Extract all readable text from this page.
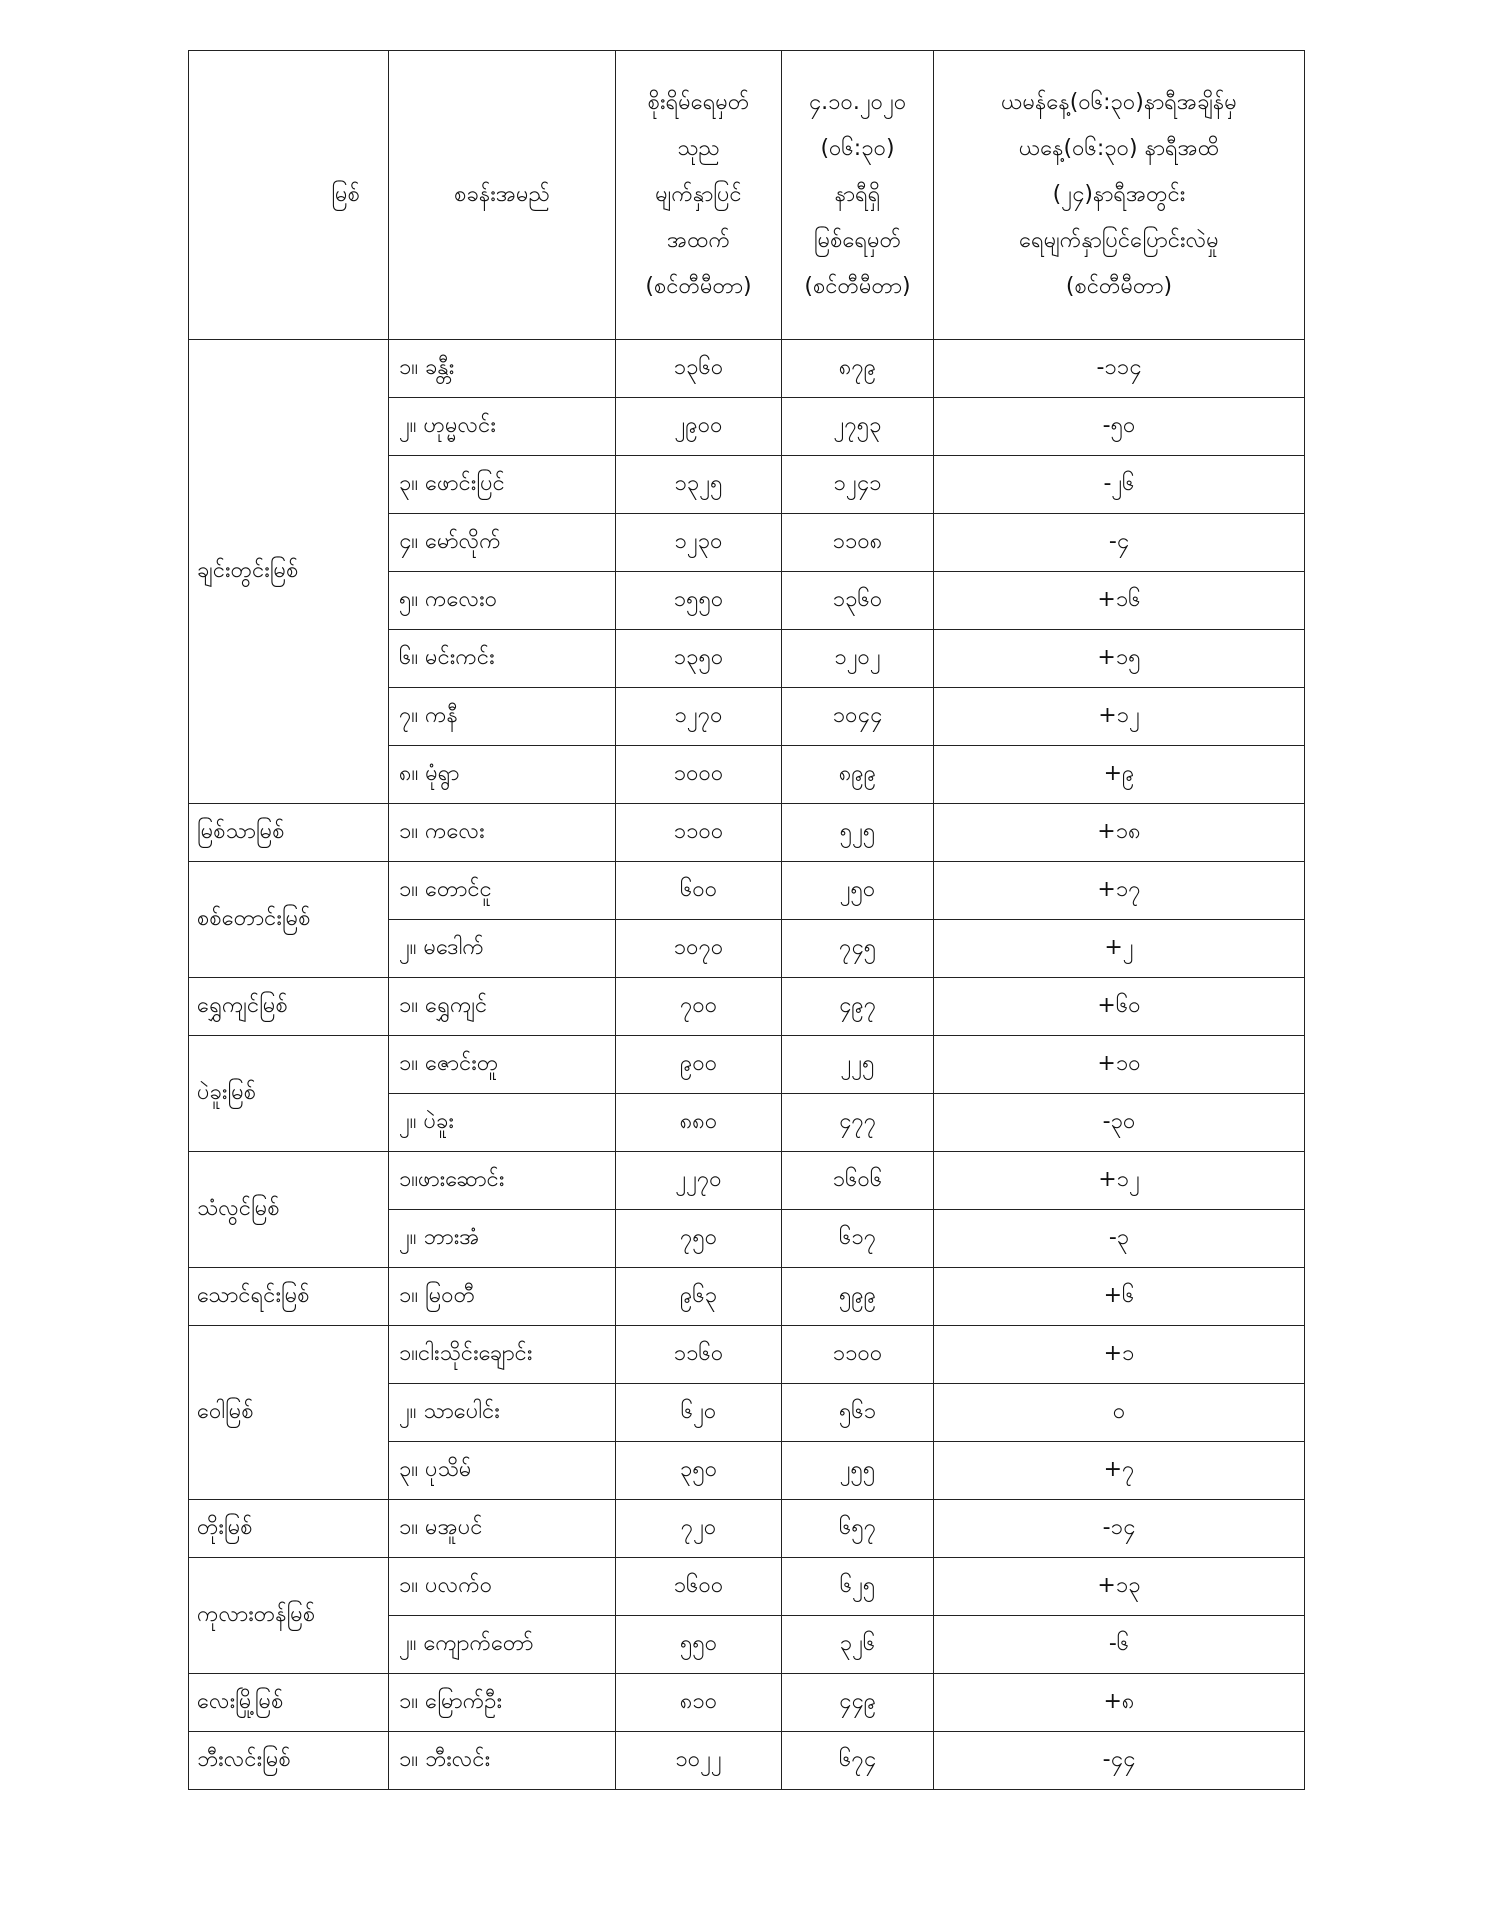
မြစ်	စခန်းအမည်	စိုးရိမ်ရေမှတ်
သုည
မျက်နှာပြင်
အထက်
(စင်တီမီတာ)	၄.၁၀.၂၀၂၀
(၀၆:၃၀)
နာရီရှိ
မြစ်ရေမှတ်
(စင်တီမီတာ)	ယမန်နေ့(၀၆:၃၀)နာရီအချိန်မှ
ယနေ့(၀၆:၃၀) နာရီအထိ
(၂၄)နာရီအတွင်း
ရေမျက်နှာပြင်ပြောင်းလဲမှု
(စင်တီမီတာ)
ချင်းတွင်းမြစ်	၁။ ခန္တီး	၁၃၆၀	၈၇၉	-၁၁၄
	၂။ ဟုမ္မလင်း	၂၉၀၀	၂၇၅၃	-၅၀
	၃။ ဖောင်းပြင်	၁၃၂၅	၁၂၄၁	-၂၆
	၄။ မော်လိုက်	၁၂၃၀	၁၁၀၈	-၄
	၅။ ကလေးဝ	၁၅၅၀	၁၃၆၀	+၁၆
	၆။ မင်းကင်း	၁၃၅၀	၁၂၀၂	+၁၅
	၇။ ကနီ	၁၂၇၀	၁၀၄၄	+၁၂
	၈။ မုံရွာ	၁၀၀၀	၈၉၉	+၉
မြစ်သာမြစ်	၁။ ကလေး	၁၁၀၀	၅၂၅	+၁၈
စစ်တောင်းမြစ်	၁။ တောင်ငူ	၆၀၀	၂၅၀	+၁၇
	၂။ မဒေါက်	၁၀၇၀	၇၄၅	+၂
ရွှေကျင်မြစ်	၁။ ရွှေကျင်	၇၀၀	၄၉၇	+၆၀
ပဲခူးမြစ်	၁။ ဇောင်းတူ	၉၀၀	၂၂၅	+၁၀
	၂။ ပဲခူး	၈၈၀	၄၇၇	-၃၀
သံလွင်မြစ်	၁။ဖားဆောင်း	၂၂၇၀	၁၆၀၆	+၁၂
	၂။ ဘားအံ	၇၅၀	၆၁၇	-၃
သောင်ရင်းမြစ်	၁။ မြဝတီ	၉၆၃	၅၉၉	+၆
ဝေါမြစ်	၁။ငါးသိုင်းချောင်း	၁၁၆၀	၁၁၀၀	+၁
	၂။ သာပေါင်း	၆၂၀	၅၆၁	၀
	၃။ ပုသိမ်	၃၅၀	၂၅၅	+၇
တိုးမြစ်	၁။ မအူပင်	၇၂၀	၆၅၇	-၁၄
ကုလားတန်မြစ်	၁။ ပလက်ဝ	၁၆၀၀	၆၂၅	+၁၃
	၂။ ကျောက်တော်	၅၅၀	၃၂၆	-၆
လေးမြို့မြစ်	၁။ မြောက်ဦး	၈၁၀	၄၄၉	+၈
ဘီးလင်းမြစ်	၁။ ဘီးလင်း	၁၀၂၂	၆၇၄	-၄၄
